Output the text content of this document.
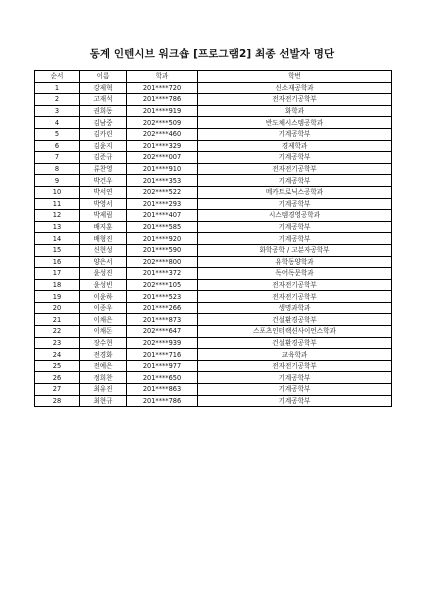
동계 인텐시브 워크숍 [프로그램2] 최종 선발자 명단
순서	이름	학과	학번
1	강제혁	201****720	신소재공학과
2	고재석	201****786	전자전기공학부
3	권희동	201****919	화학과
4	김남중	202****509	반도체시스템공학과
5	김카린	202****460	기계공학부
6	김윤지	201****329	경제학과
7	김준규	202****007	기계공학부
8	류찬영	201****910	전자전기공학부
9	박건우	201****353	기계공학부
10	박서연	202****522	메카트로닉스공학과
11	박영서	201****293	기계공학부
12	박제림	201****407	시스템경영공학과
13	배지훈	201****585	기계공학부
14	배형진	201****920	기계공학부
15	신현성	201****590	화학공학 / 고분자공학부
16	양은서	202****800	유학동양학과
17	윤성진	201****372	독어독문학과
18	윤성빈	202****105	전자전기공학부
19	이윤하	201****523	전자전기공학부
20	이종우	201****266	생명과학과
21	이채은	201****873	건설환경공학부
22	이채돈	202****647	스포츠인터랙션사이언스학과
23	장수현	202****939	건설환경공학부
24	전경화	201****716	교육학과
25	전예은	201****977	전자전기공학부
26	정희찬	201****650	기계공학부
27	최유진	201****863	기계공학부
28	최현규	201****786	기계공학부
